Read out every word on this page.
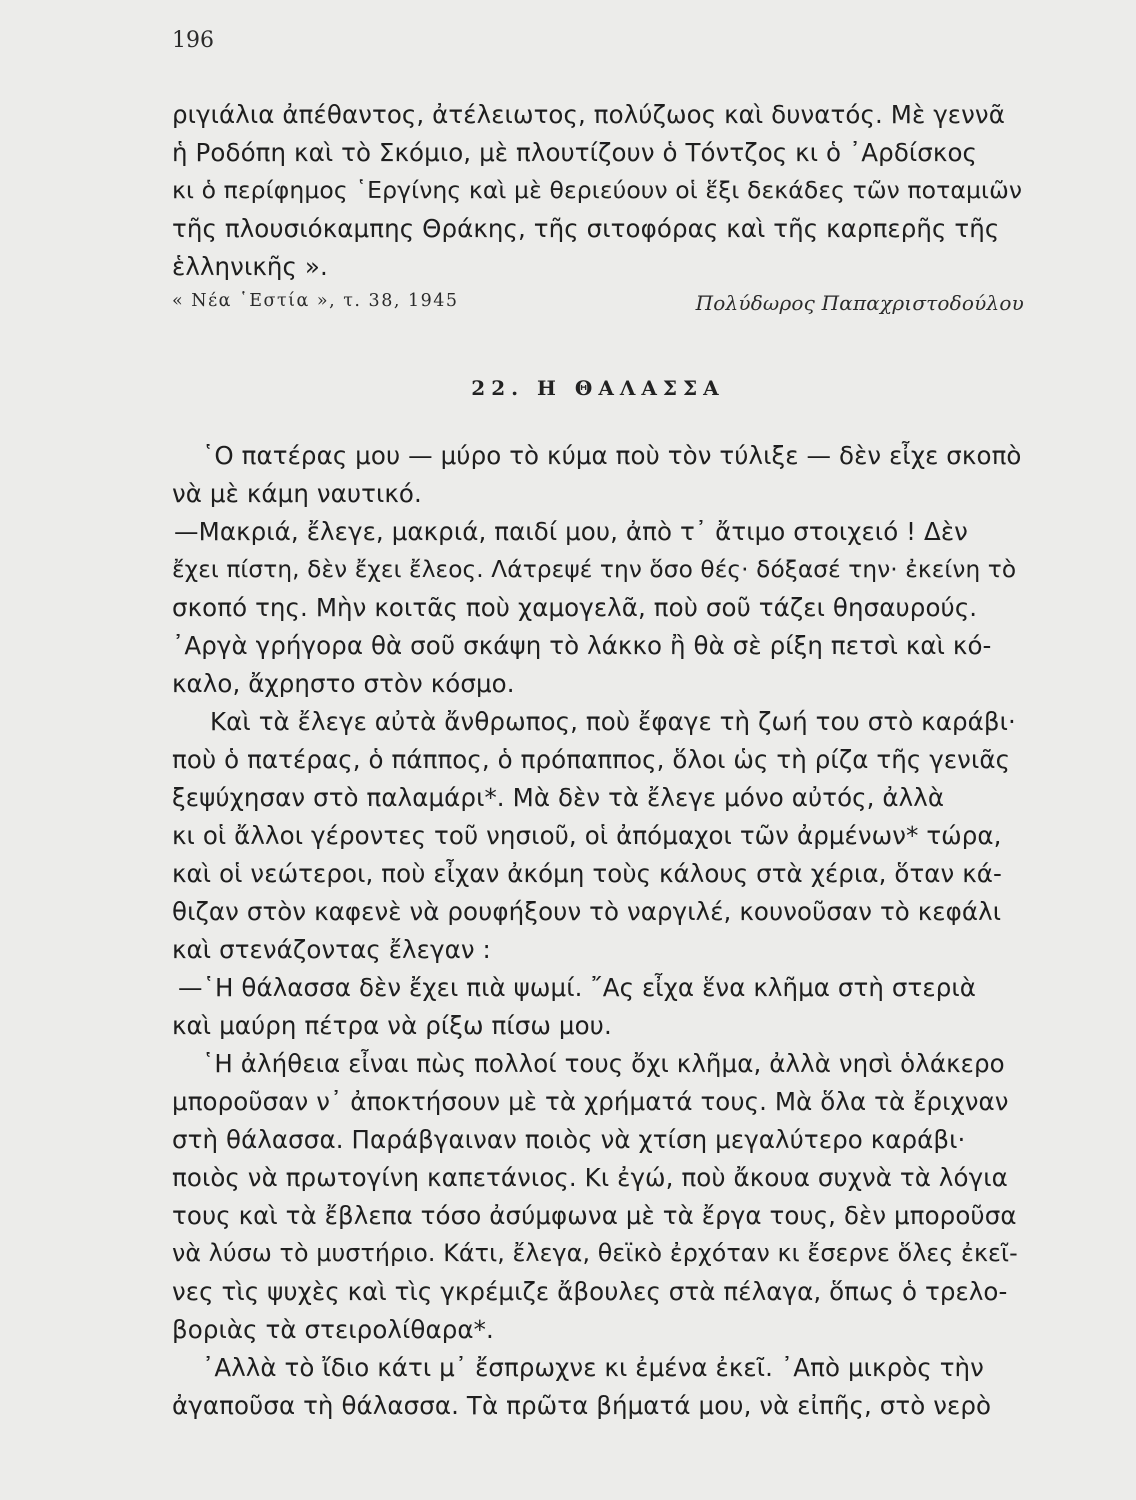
196
ριγιάλια ἀπέθαντος, ἀτέλειωτος, πολύζωος καὶ δυνατός. Μὲ γεννᾶ
ἡ Ροδόπη καὶ τὸ Σκόμιο, μὲ πλουτίζουν ὁ Τόντζος κι ὁ ᾿Αρδίσκος
κι ὁ περίφημος ῾Εργίνης καὶ μὲ θεριεύουν οἱ ἕξι δεκάδες τῶν ποταμιῶν
τῆς πλουσιόκαμπης Θράκης, τῆς σιτοφόρας καὶ τῆς καρπερῆς τῆς
ἑλληνικῆς ».
« Νέα ῾Εστία », τ. 38, 1945	Πολύδωρος Παπαχριστοδούλου
22. Η ΘΑΛΑΣΣΑ
῾Ο πατέρας μου — μύρο τὸ κύμα ποὺ τὸν τύλιξε — δὲν εἶχε σκοπὸ
νὰ μὲ κάμη ναυτικό.
—Μακριά, ἔλεγε, μακριά, παιδί μου, ἀπὸ τ᾿ ἄτιμο στοιχειό ! Δὲν
ἔχει πίστη, δὲν ἔχει ἔλεος. Λάτρεψέ την ὅσο θές· δόξασέ την· ἐκείνη τὸ
σκοπό της. Μὴν κοιτᾶς ποὺ χαμογελᾶ, ποὺ σοῦ τάζει θησαυρούς.
᾿Αργὰ γρήγορα θὰ σοῦ σκάψη τὸ λάκκο ἢ θὰ σὲ ρίξη πετσὶ καὶ κό-
καλο, ἄχρηστο στὸν κόσμο.
Καὶ τὰ ἔλεγε αὐτὰ ἄνθρωπος, ποὺ ἔφαγε τὴ ζωή του στὸ καράβι·
ποὺ ὁ πατέρας, ὁ πάππος, ὁ πρόπαππος, ὅλοι ὡς τὴ ρίζα τῆς γενιᾶς
ξεψύχησαν στὸ παλαμάρι*. Μὰ δὲν τὰ ἔλεγε μόνο αὐτός, ἀλλὰ
κι οἱ ἄλλοι γέροντες τοῦ νησιοῦ, οἱ ἀπόμαχοι τῶν ἀρμένων* τώρα,
καὶ οἱ νεώτεροι, ποὺ εἶχαν ἀκόμη τοὺς κάλους στὰ χέρια, ὅταν κά-
θιζαν στὸν καφενὲ νὰ ρουφήξουν τὸ ναργιλέ, κουνοῦσαν τὸ κεφάλι
καὶ στενάζοντας ἔλεγαν :
—῾Η θάλασσα δὲν ἔχει πιὰ ψωμί. ῎Ας εἶχα ἕνα κλῆμα στὴ στεριὰ
καὶ μαύρη πέτρα νὰ ρίξω πίσω μου.
῾Η ἀλήθεια εἶναι πὼς πολλοί τους ὄχι κλῆμα, ἀλλὰ νησὶ ὁλάκερο
μποροῦσαν ν᾿ ἀποκτήσουν μὲ τὰ χρήματά τους. Μὰ ὅλα τὰ ἔριχναν
στὴ θάλασσα. Παράβγαιναν ποιὸς νὰ χτίση μεγαλύτερο καράβι·
ποιὸς νὰ πρωτογίνη καπετάνιος. Κι ἐγώ, ποὺ ἄκουα συχνὰ τὰ λόγια
τους καὶ τὰ ἔβλεπα τόσο ἀσύμφωνα μὲ τὰ ἔργα τους, δὲν μποροῦσα
νὰ λύσω τὸ μυστήριο. Κάτι, ἔλεγα, θεϊκὸ ἐρχόταν κι ἔσερνε ὅλες ἐκεῖ-
νες τὶς ψυχὲς καὶ τὶς γκρέμιζε ἄβουλες στὰ πέλαγα, ὅπως ὁ τρελο-
βοριὰς τὰ στειρολίθαρα*.
᾿Αλλὰ τὸ ἴδιο κάτι μ᾿ ἔσπρωχνε κι ἐμένα ἐκεῖ. ᾿Απὸ μικρὸς τὴν
ἀγαποῦσα τὴ θάλασσα. Τὰ πρῶτα βήματά μου, νὰ εἰπῆς, στὸ νερὸ
